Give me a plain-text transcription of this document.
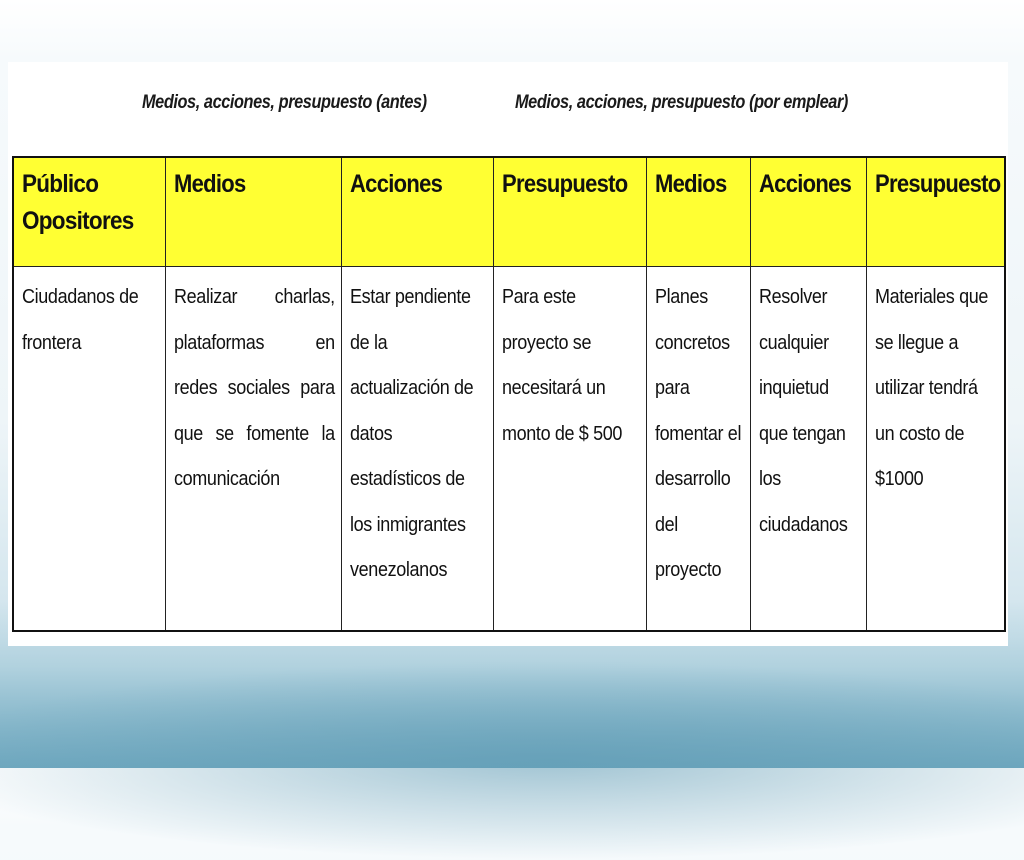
Medios, acciones, presupuesto (antes)	Medios, acciones, presupuesto (por emplear)
Público Opositores	Medios	Acciones	Presupuesto	Medios	Acciones	Presupuesto

Ciudadanos de frontera	Realizar charlas, plataformas en redes sociales para que se fomente la comunicación	Estar pendiente de la actualización de datos estadísticos de los inmigrantes venezolanos	Para este proyecto se necesitará un monto de $ 500	Planes concretos para fomentar el desarrollo del proyecto	Resolver cualquier inquietud que tengan los ciudadanos	Materiales que se llegue a utilizar tendrá un costo de $1000
